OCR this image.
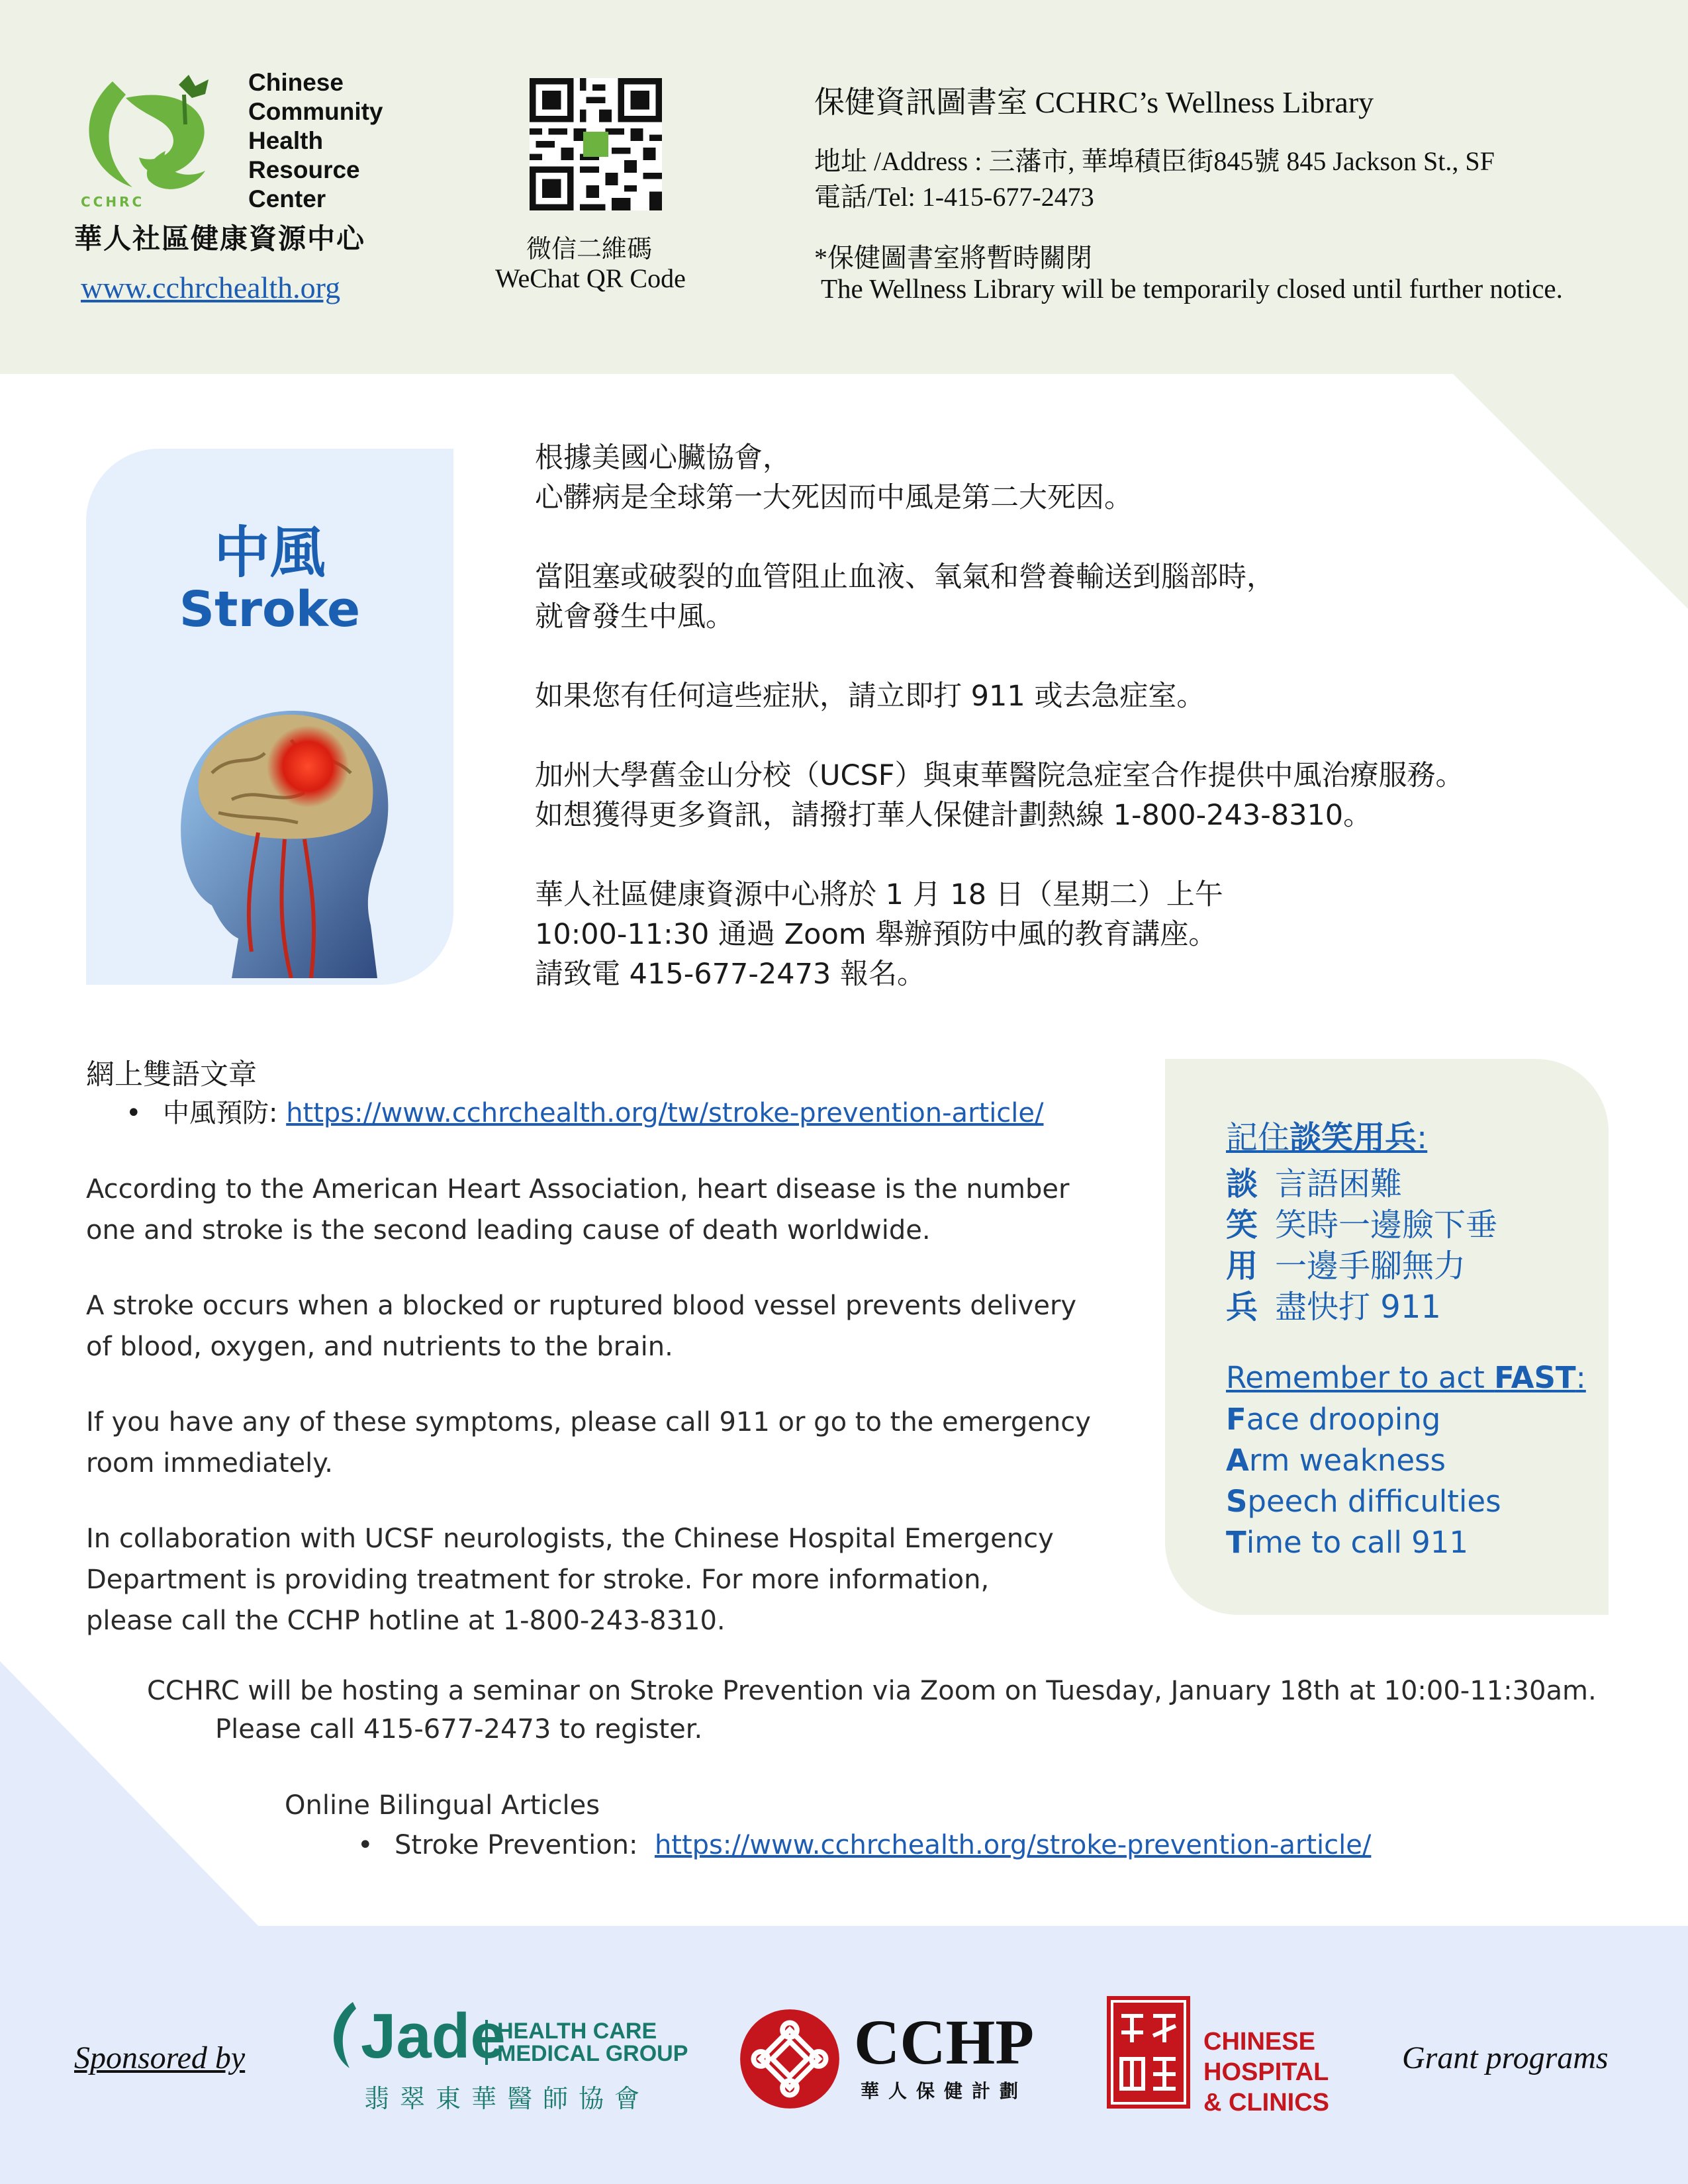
CCHRC
Chinese
Community
Health
Resource
Center
華人社區健康資源中心
www.cchrchealth.org
微信二維碼
WeChat QR Code
保健資訊圖書室 CCHRC’s Wellness Library
地址 /Address : 三藩市, 華埠積臣街845號 845 Jackson St., SF
電話/Tel: 1-415-677-2473
*保健圖書室將暫時關閉
The Wellness Library will be temporarily closed until further notice.
中風
Stroke

根據美國心臟協會，
心髒病是全球第一大死因而中風是第二大死因。

當阻塞或破裂的血管阻止血液、氧氣和營養輸送到腦部時，
就會發生中風。

如果您有任何這些症狀，請立即打 911 或去急症室。

加州大學舊金山分校（UCSF）與東華醫院急症室合作提供中風治療服務。
如想獲得更多資訊，請撥打華人保健計劃熱線 1-800-243-8310。

華人社區健康資源中心將於 1 月 18 日（星期二）上午
10:00-11:30 通過 Zoom 舉辦預防中風的教育講座。
請致電 415-677-2473 報名。

網上雙語文章
• 中風預防: https://www.cchrchealth.org/tw/stroke-prevention-article/

According to the American Heart Association, heart disease is the number
one and stroke is the second leading cause of death worldwide.

A stroke occurs when a blocked or ruptured blood vessel prevents delivery
of blood, oxygen, and nutrients to the brain.

If you have any of these symptoms, please call 911 or go to the emergency
room immediately.

In collaboration with UCSF neurologists, the Chinese Hospital Emergency
Department is providing treatment for stroke. For more information,
please call the CCHP hotline at 1-800-243-8310.

記住談笑用兵:
談 言語困難
笑 笑時一邊臉下垂
用 一邊手腳無力
兵 盡快打 911
Remember to act FAST:
Face drooping
Arm weakness
Speech difficulties
Time to call 911
CCHRC will be hosting a seminar on Stroke Prevention via Zoom on Tuesday, January 18th at 10:00-11:30am.
Please call 415-677-2473 to register.
Online Bilingual Articles
• Stroke Prevention: https://www.cchrchealth.org/stroke-prevention-article/
Sponsored by Jade
HEALTH CARE
MEDICAL GROUP
翡翠東華醫師協會
CCHP
華人保健計劃
CHINESE
HOSPITAL
& CLINICS
Grant programs
